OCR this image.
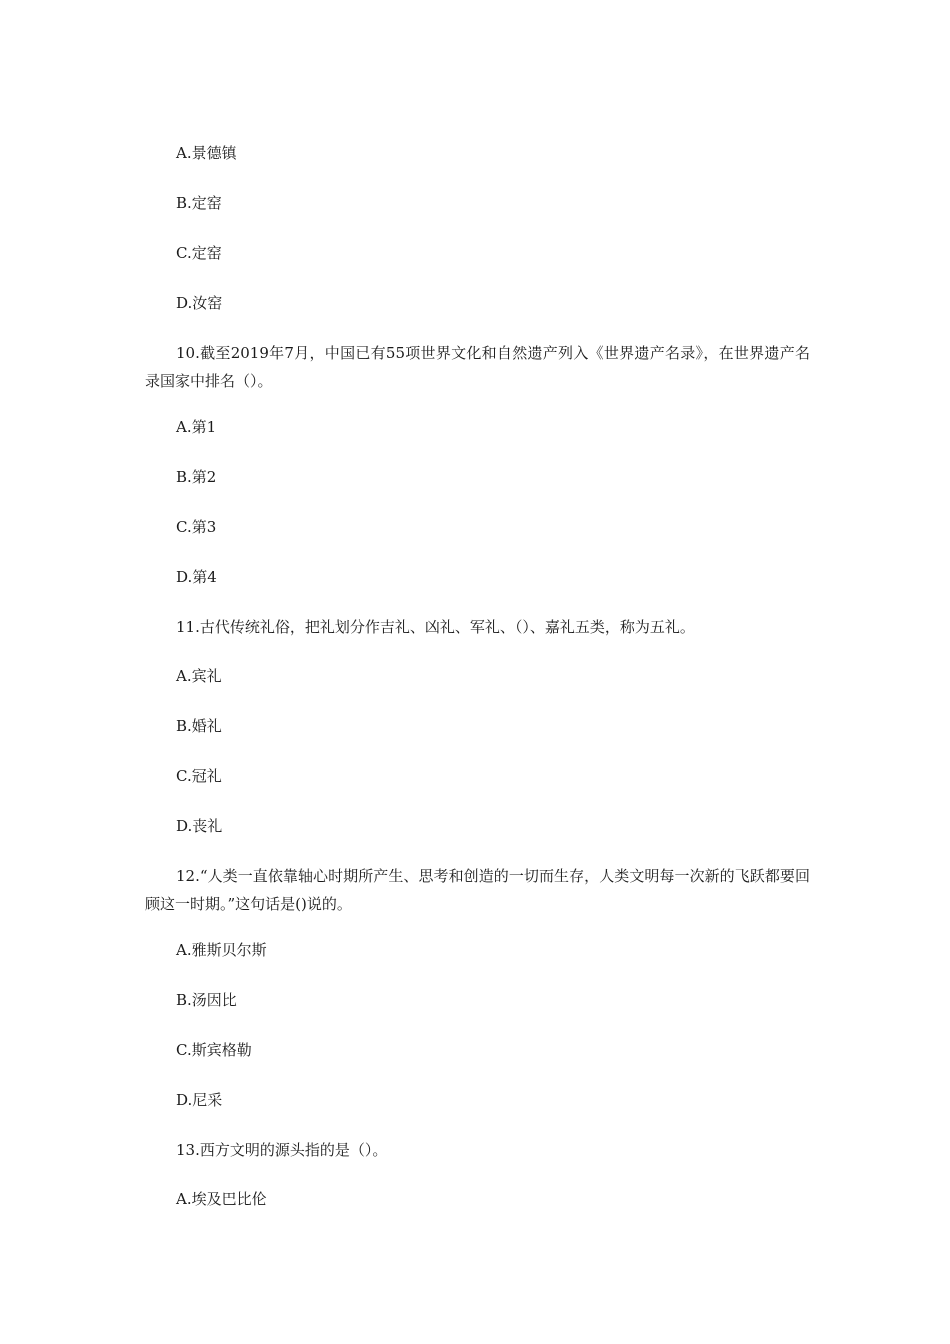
A.景德镇
B.定窑
C.定窑
D.汝窑
10.截至2019年7月，中国已有55项世界文化和自然遗产列入《世界遗产名录》，在世界遗产名录国家中排名（）。
A.第1
B.第2
C.第3
D.第4
11.古代传统礼俗，把礼划分作吉礼、凶礼、军礼、（）、嘉礼五类，称为五礼。
A.宾礼
B.婚礼
C.冠礼
D.丧礼
12.“人类一直依靠轴心时期所产生、思考和创造的一切而生存，人类文明每一次新的飞跃都要回顾这一时期。”这句话是()说的。
A.雅斯贝尔斯
B.汤因比
C.斯宾格勒
D.尼采
13.西方文明的源头指的是（）。
A.埃及巴比伦
